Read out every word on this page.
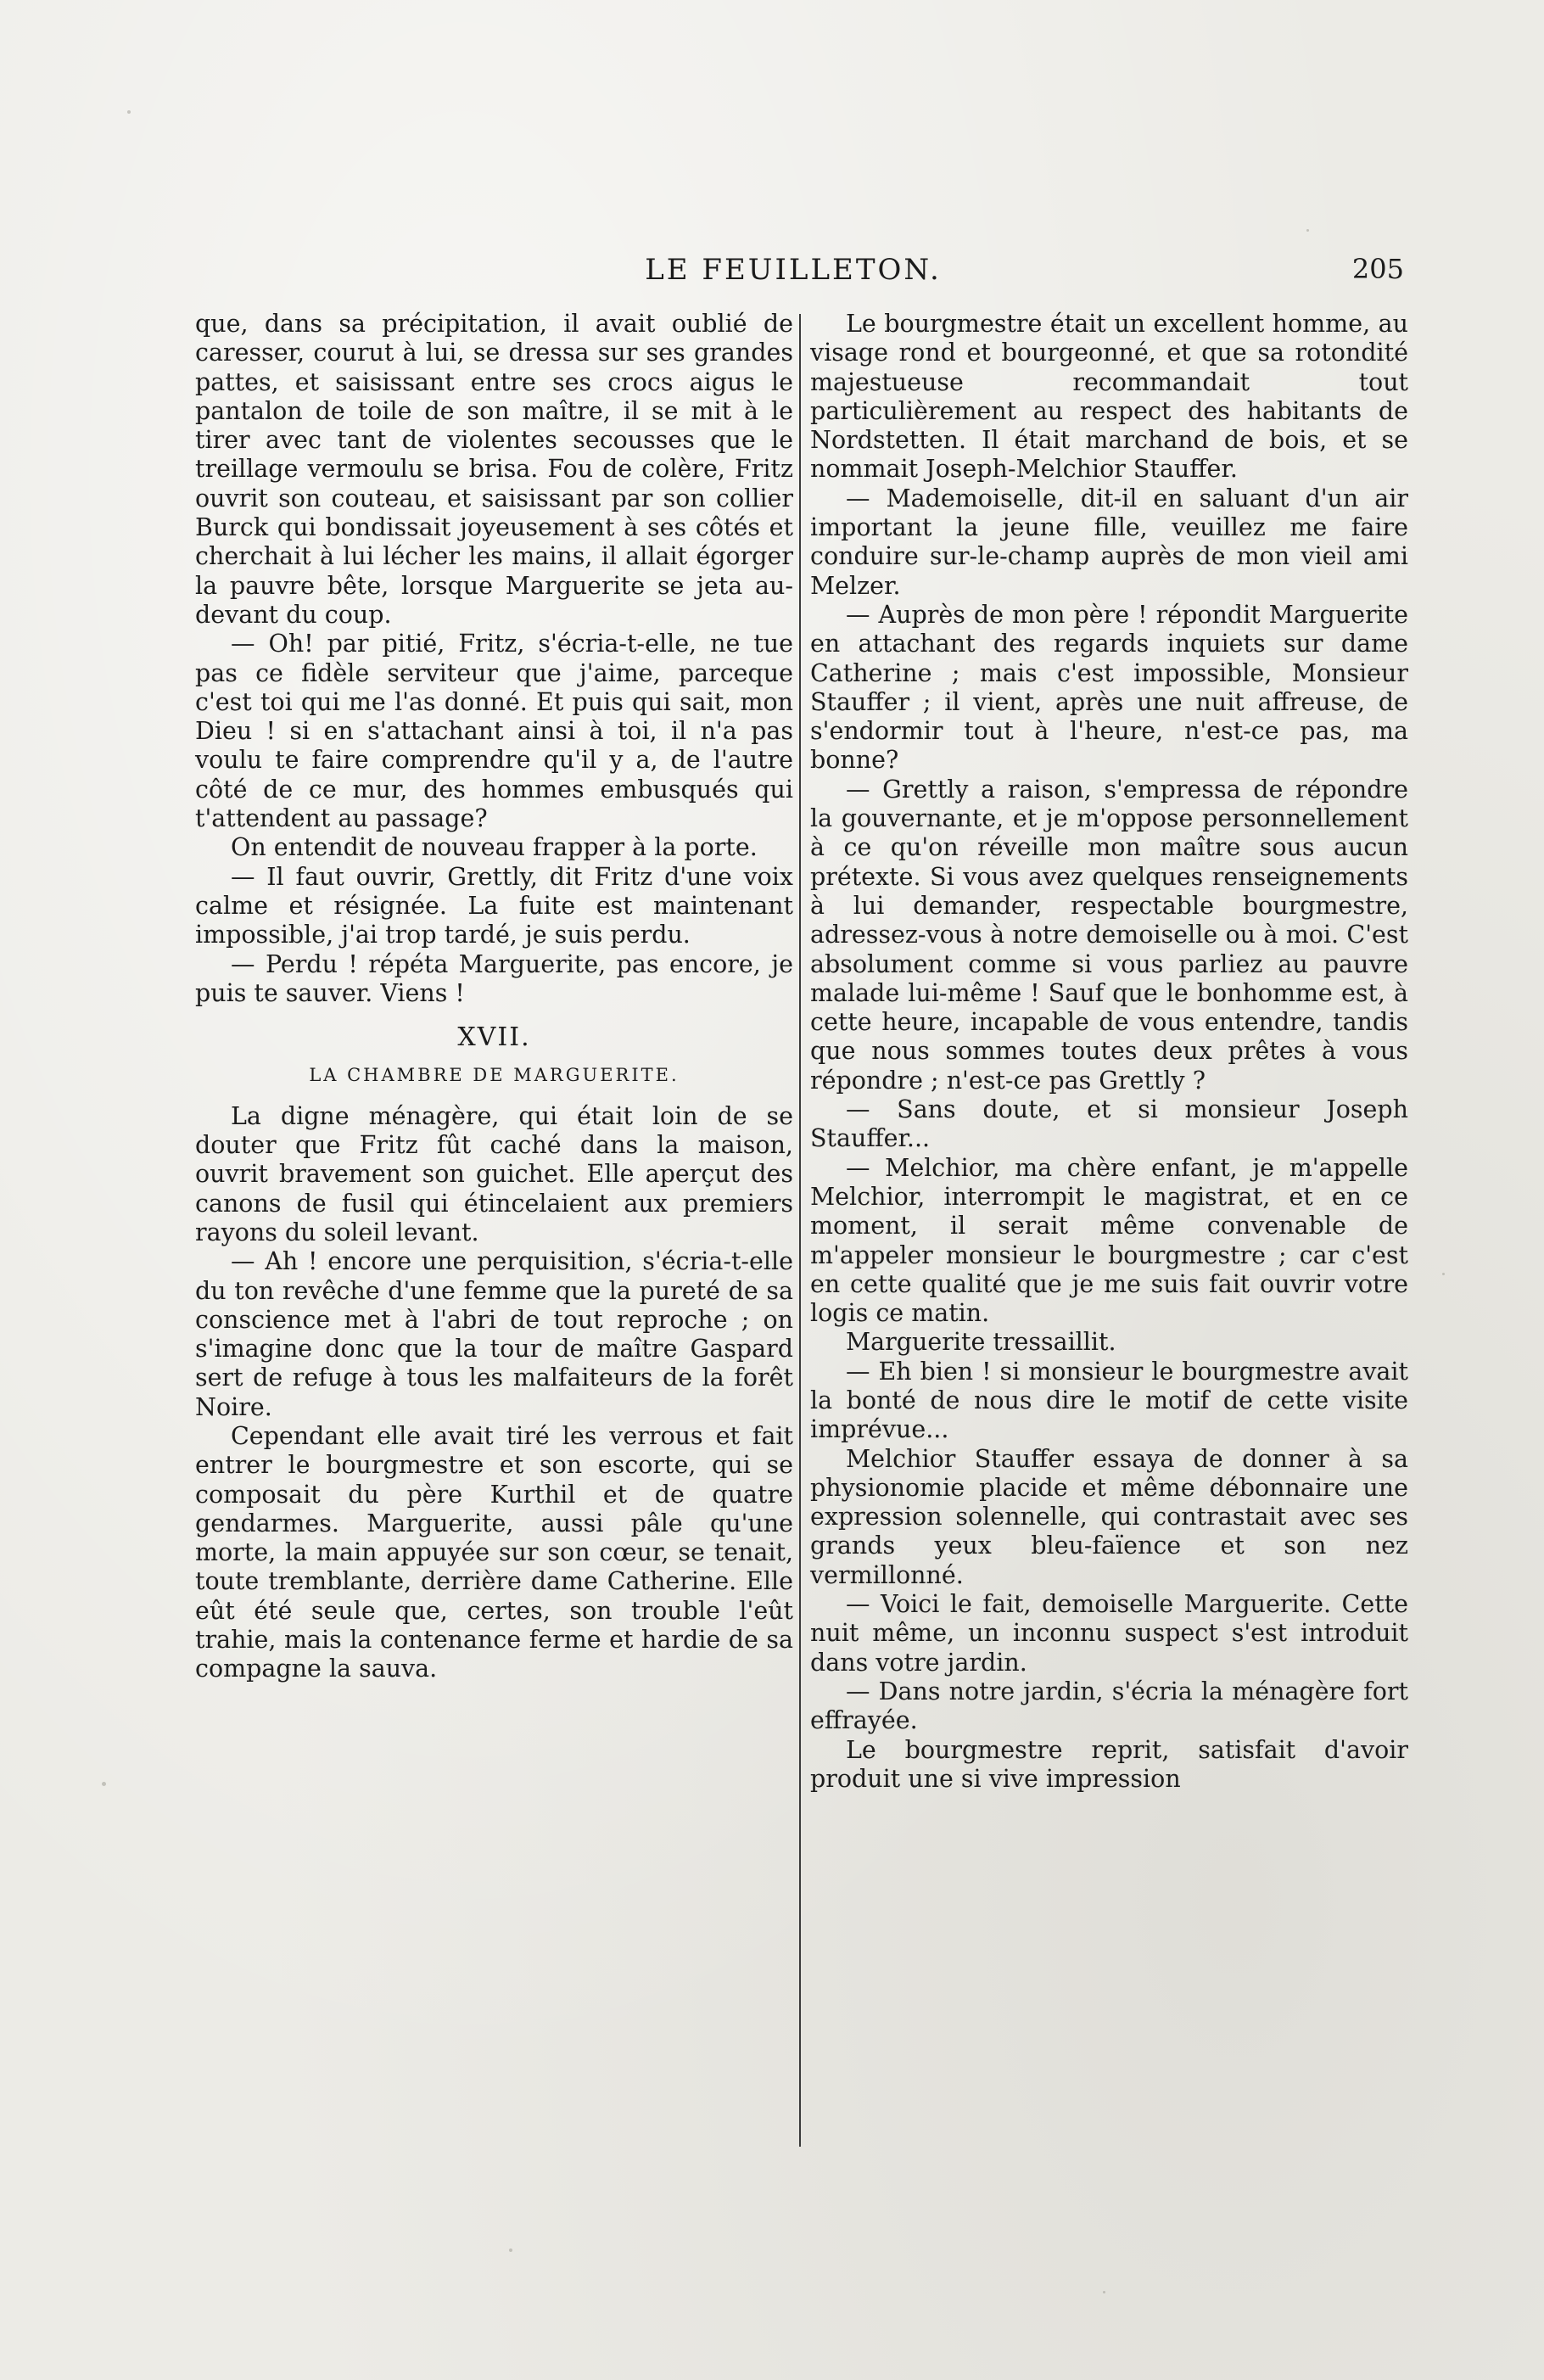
LE FEUILLETON.	205

que, dans sa précipitation, il avait oublié de caresser, courut à lui, se dressa sur ses grandes pattes, et saisissant entre ses crocs aigus le pantalon de toile de son maître, il se mit à le tirer avec tant de violentes secousses que le treillage vermoulu se brisa. Fou de colère, Fritz ouvrit son couteau, et saisissant par son collier Burck qui bondissait joyeusement à ses côtés et cherchait à lui lécher les mains, il allait égorger la pauvre bête, lorsque Marguerite se jeta au-devant du coup.

— Oh! par pitié, Fritz, s'écria-t-elle, ne tue pas ce fidèle serviteur que j'aime, parceque c'est toi qui me l'as donné. Et puis qui sait, mon Dieu ! si en s'attachant ainsi à toi, il n'a pas voulu te faire comprendre qu'il y a, de l'autre côté de ce mur, des hommes embusqués qui t'attendent au passage?

On entendit de nouveau frapper à la porte.

— Il faut ouvrir, Grettly, dit Fritz d'une voix calme et résignée. La fuite est maintenant impossible, j'ai trop tardé, je suis perdu.

— Perdu ! répéta Marguerite, pas encore, je puis te sauver. Viens !

XVII.
LA CHAMBRE DE MARGUERITE.

La digne ménagère, qui était loin de se douter que Fritz fût caché dans la maison, ouvrit bravement son guichet. Elle aperçut des canons de fusil qui étincelaient aux premiers rayons du soleil levant.

— Ah ! encore une perquisition, s'écria-t-elle du ton revêche d'une femme que la pureté de sa conscience met à l'abri de tout reproche ; on s'imagine donc que la tour de maître Gaspard sert de refuge à tous les malfaiteurs de la forêt Noire.

Cependant elle avait tiré les verrous et fait entrer le bourgmestre et son escorte, qui se composait du père Kurthil et de quatre gendarmes. Marguerite, aussi pâle qu'une morte, la main appuyée sur son cœur, se tenait, toute tremblante, derrière dame Catherine. Elle eût été seule que, certes, son trouble l'eût trahie, mais la contenance ferme et hardie de sa compagne la sauva.

Le bourgmestre était un excellent homme, au visage rond et bourgeonné, et que sa rotondité majestueuse recommandait tout particulièrement au respect des habitants de Nordstetten. Il était marchand de bois, et se nommait Joseph-Melchior Stauffer.

— Mademoiselle, dit-il en saluant d'un air important la jeune fille, veuillez me faire conduire sur-le-champ auprès de mon vieil ami Melzer.

— Auprès de mon père ! répondit Marguerite en attachant des regards inquiets sur dame Catherine ; mais c'est impossible, Monsieur Stauffer ; il vient, après une nuit affreuse, de s'endormir tout à l'heure, n'est-ce pas, ma bonne?

— Grettly a raison, s'empressa de répondre la gouvernante, et je m'oppose personnellement à ce qu'on réveille mon maître sous aucun prétexte. Si vous avez quelques renseignements à lui demander, respectable bourgmestre, adressez-vous à notre demoiselle ou à moi. C'est absolument comme si vous parliez au pauvre malade lui-même ! Sauf que le bonhomme est, à cette heure, incapable de vous entendre, tandis que nous sommes toutes deux prêtes à vous répondre ; n'est-ce pas Grettly ?

— Sans doute, et si monsieur Joseph Stauffer...

— Melchior, ma chère enfant, je m'appelle Melchior, interrompit le magistrat, et en ce moment, il serait même convenable de m'appeler monsieur le bourgmestre ; car c'est en cette qualité que je me suis fait ouvrir votre logis ce matin.

Marguerite tressaillit.

— Eh bien ! si monsieur le bourgmestre avait la bonté de nous dire le motif de cette visite imprévue...

Melchior Stauffer essaya de donner à sa physionomie placide et même débonnaire une expression solennelle, qui contrastait avec ses grands yeux bleu-faïence et son nez vermillonné.

— Voici le fait, demoiselle Marguerite. Cette nuit même, un inconnu suspect s'est introduit dans votre jardin.

— Dans notre jardin, s'écria la ménagère fort effrayée.

Le bourgmestre reprit, satisfait d'avoir produit une si vive impression
